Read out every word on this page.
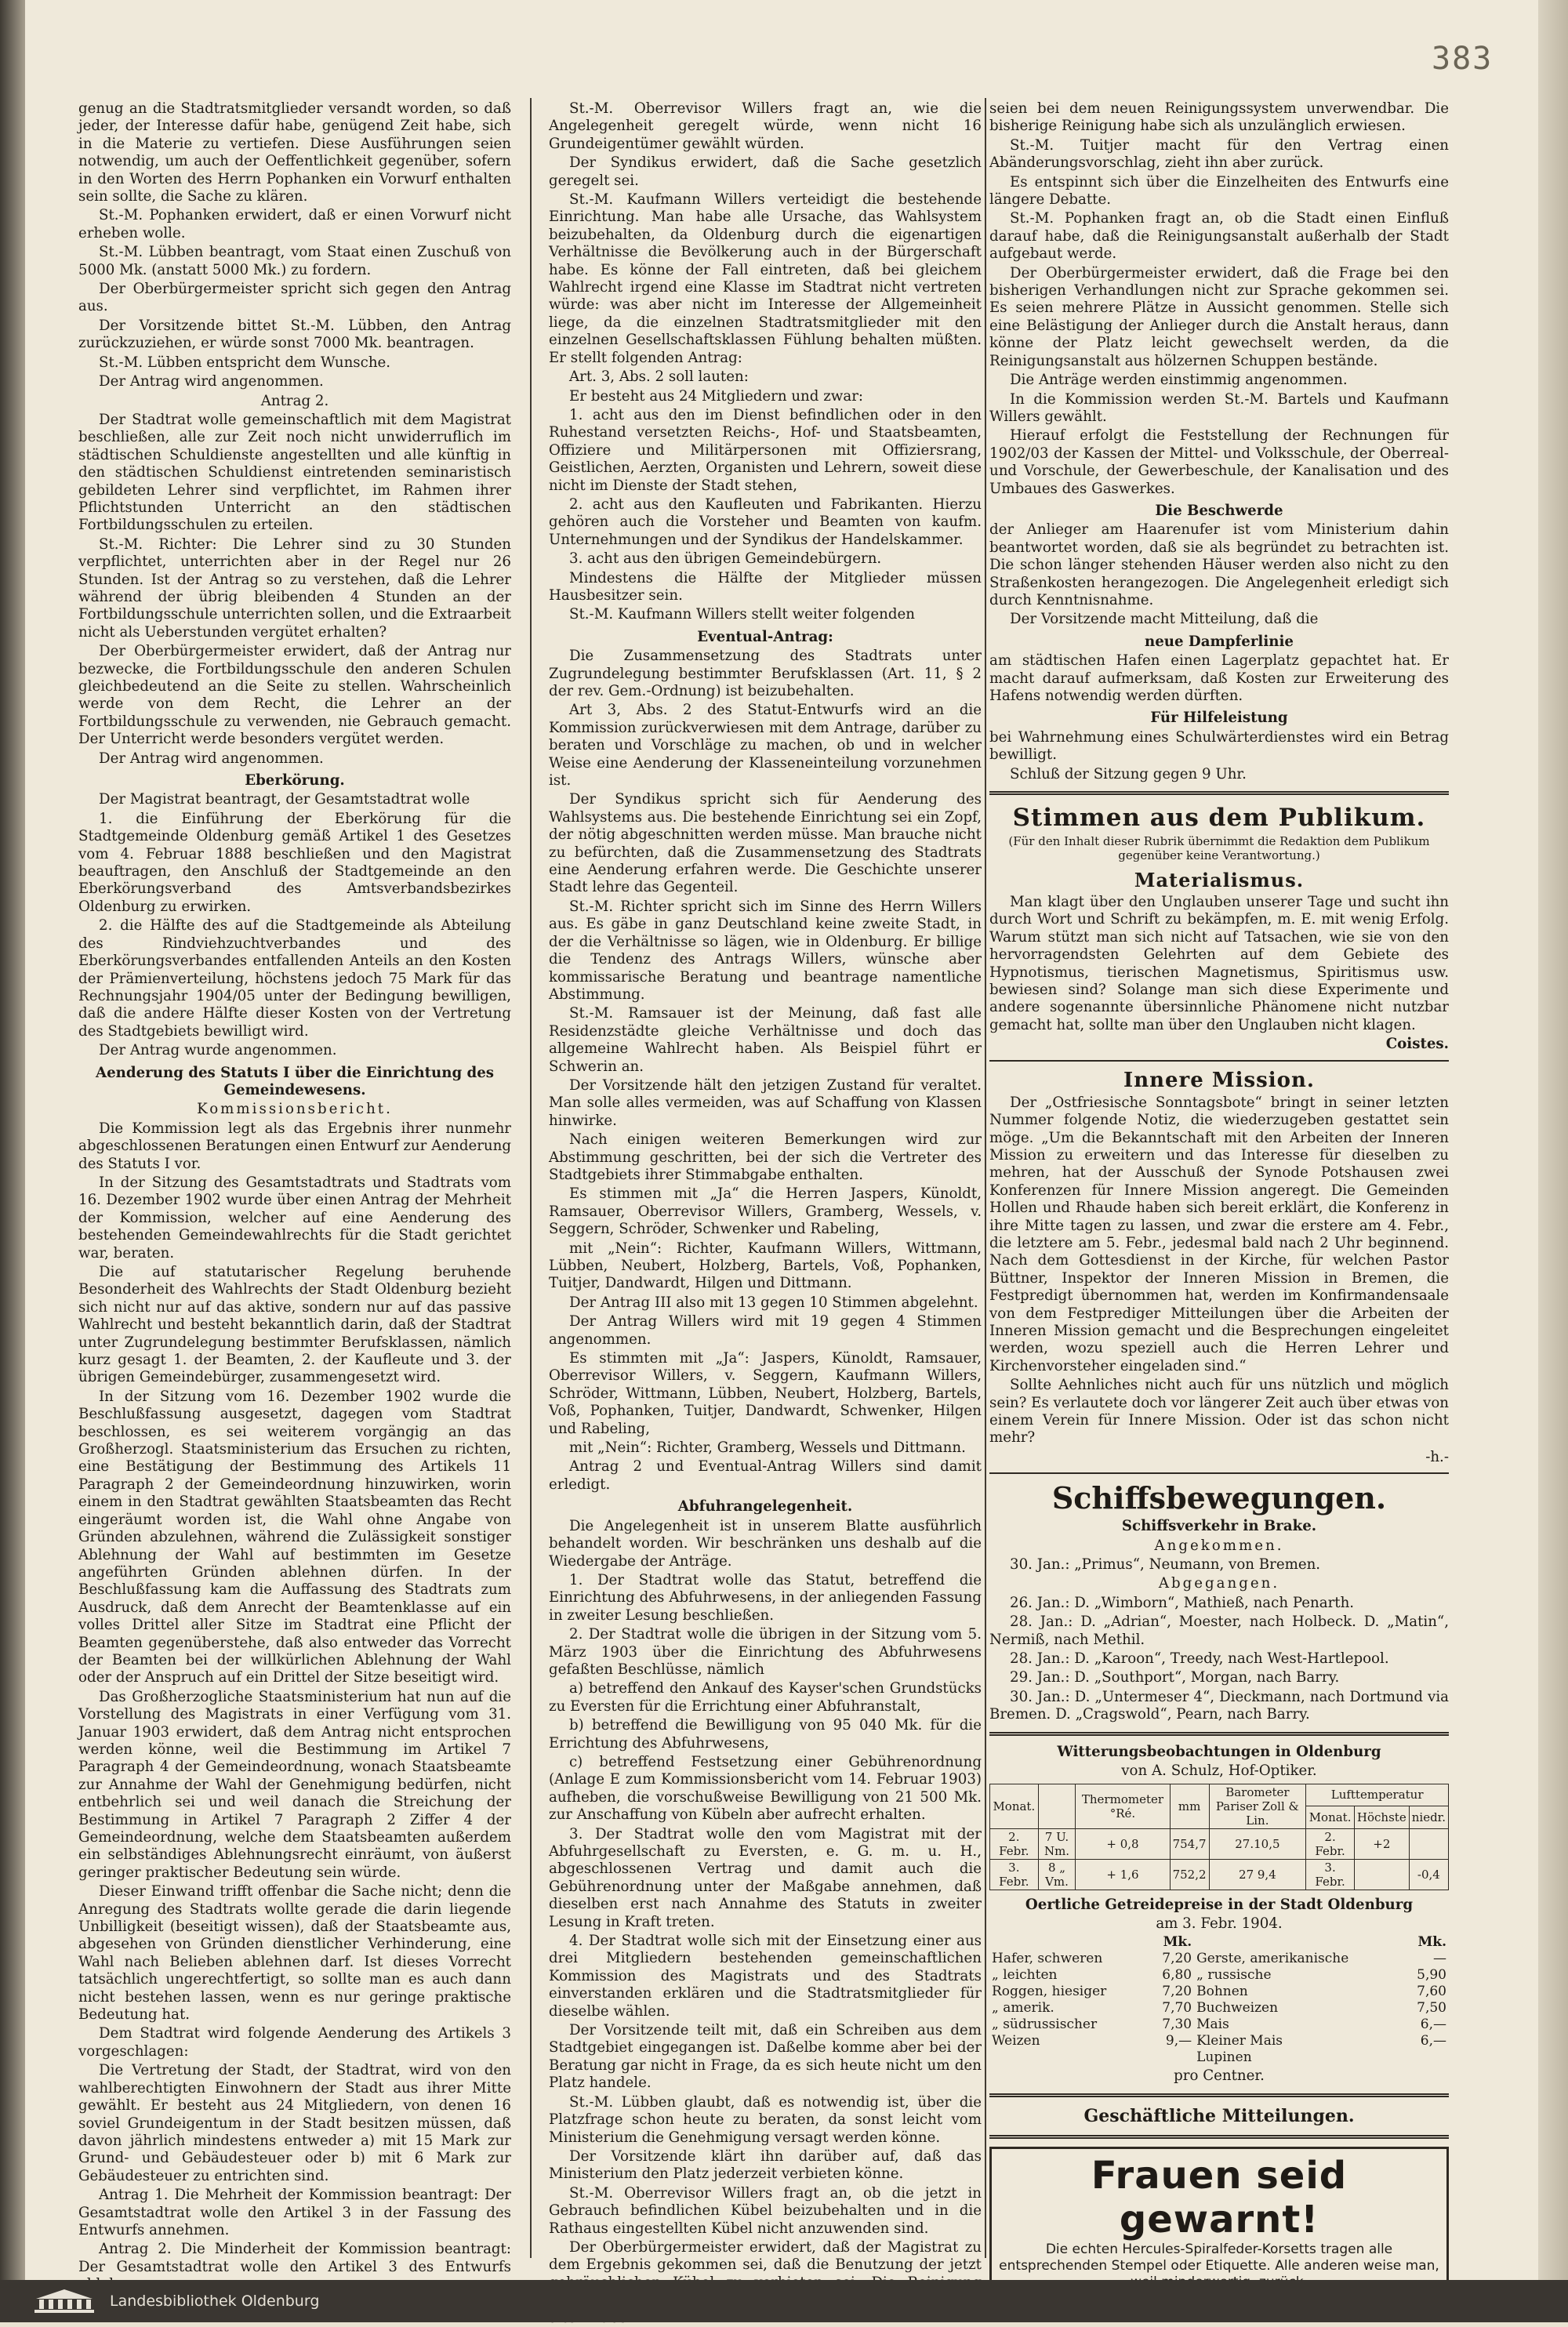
383

genug an die Stadtratsmitglieder versandt worden, so daß jeder, der Interesse dafür habe, genügend Zeit habe, sich in die Materie zu vertiefen. Diese Ausführungen seien notwendig, um auch der Oeffentlichkeit gegenüber, sofern in den Worten des Herrn Pophanken ein Vorwurf enthalten sein sollte, die Sache zu klären.

St.-M. Pophanken erwidert, daß er einen Vorwurf nicht erheben wolle.

St.-M. Lübben beantragt, vom Staat einen Zuschuß von 5000 Mk. (anstatt 5000 Mk.) zu fordern.

Der Oberbürgermeister spricht sich gegen den Antrag aus.

Der Vorsitzende bittet St.-M. Lübben, den Antrag zurückzuziehen, er würde sonst 7000 Mk. beantragen.

St.-M. Lübben entspricht dem Wunsche.

Der Antrag wird angenommen.

Antrag 2.

Der Stadtrat wolle gemeinschaftlich mit dem Magistrat beschließen, alle zur Zeit noch nicht unwiderruflich im städtischen Schuldienste angestellten und alle künftig in den städtischen Schuldienst eintretenden seminaristisch gebildeten Lehrer sind verpflichtet, im Rahmen ihrer Pflichtstunden Unterricht an den städtischen Fortbildungsschulen zu erteilen.

St.-M. Richter: Die Lehrer sind zu 30 Stunden verpflichtet, unterrichten aber in der Regel nur 26 Stunden. Ist der Antrag so zu verstehen, daß die Lehrer während der übrig bleibenden 4 Stunden an der Fortbildungsschule unterrichten sollen, und die Extraarbeit nicht als Ueberstunden vergütet erhalten?

Der Oberbürgermeister erwidert, daß der Antrag nur bezwecke, die Fortbildungsschule den anderen Schulen gleichbedeutend an die Seite zu stellen. Wahrscheinlich werde von dem Recht, die Lehrer an der Fortbildungsschule zu verwenden, nie Gebrauch gemacht. Der Unterricht werde besonders vergütet werden.

Der Antrag wird angenommen.

Eberkörung.

Der Magistrat beantragt, der Gesamtstadtrat wolle

1. die Einführung der Eberkörung für die Stadtgemeinde Oldenburg gemäß Artikel 1 des Gesetzes vom 4. Februar 1888 beschließen und den Magistrat beauftragen, den Anschluß der Stadtgemeinde an den Eberkörungsverband des Amtsverbandsbezirkes Oldenburg zu erwirken.

2. die Hälfte des auf die Stadtgemeinde als Abteilung des Rindviehzuchtverbandes und des Eberkörungsverbandes entfallenden Anteils an den Kosten der Prämienverteilung, höchstens jedoch 75 Mark für das Rechnungsjahr 1904/05 unter der Bedingung bewilligen, daß die andere Hälfte dieser Kosten von der Vertretung des Stadtgebiets bewilligt wird.

Der Antrag wurde angenommen.

Aenderung des Statuts I über die Einrichtung des Gemeindewesens.
Kommissionsbericht.

Die Kommission legt als das Ergebnis ihrer nunmehr abgeschlossenen Beratungen einen Entwurf zur Aenderung des Statuts I vor.

In der Sitzung des Gesamtstadtrats und Stadtrats vom 16. Dezember 1902 wurde über einen Antrag der Mehrheit der Kommission, welcher auf eine Aenderung des bestehenden Gemeindewahlrechts für die Stadt gerichtet war, beraten.

Die auf statutarischer Regelung beruhende Besonderheit des Wahlrechts der Stadt Oldenburg bezieht sich nicht nur auf das aktive, sondern nur auf das passive Wahlrecht und besteht bekanntlich darin, daß der Stadtrat unter Zugrundelegung bestimmter Berufsklassen, nämlich kurz gesagt 1. der Beamten, 2. der Kaufleute und 3. der übrigen Gemeindebürger, zusammengesetzt wird.

In der Sitzung vom 16. Dezember 1902 wurde die Beschlußfassung ausgesetzt, dagegen vom Stadtrat beschlossen, es sei weiterem vorgängig an das Großherzogl. Staatsministerium das Ersuchen zu richten, eine Bestätigung der Bestimmung des Artikels 11 Paragraph 2 der Gemeindeordnung hinzuwirken, worin einem in den Stadtrat gewählten Staatsbeamten das Recht eingeräumt worden ist, die Wahl ohne Angabe von Gründen abzulehnen, während die Zulässigkeit sonstiger Ablehnung der Wahl auf bestimmten im Gesetze angeführten Gründen ablehnen dürfen. In der Beschlußfassung kam die Auffassung des Stadtrats zum Ausdruck, daß dem Anrecht der Beamtenklasse auf ein volles Drittel aller Sitze im Stadtrat eine Pflicht der Beamten gegenüberstehe, daß also entweder das Vorrecht der Beamten bei der willkürlichen Ablehnung der Wahl oder der Anspruch auf ein Drittel der Sitze beseitigt wird.

Das Großherzogliche Staatsministerium hat nun auf die Vorstellung des Magistrats in einer Verfügung vom 31. Januar 1903 erwidert, daß dem Antrag nicht entsprochen werden könne, weil die Bestimmung im Artikel 7 Paragraph 4 der Gemeindeordnung, wonach Staatsbeamte zur Annahme der Wahl der Genehmigung bedürfen, nicht entbehrlich sei und weil danach die Streichung der Bestimmung in Artikel 7 Paragraph 2 Ziffer 4 der Gemeindeordnung, welche dem Staatsbeamten außerdem ein selbständiges Ablehnungsrecht einräumt, von äußerst geringer praktischer Bedeutung sein würde.

Dieser Einwand trifft offenbar die Sache nicht; denn die Anregung des Stadtrats wollte gerade die darin liegende Unbilligkeit (beseitigt wissen), daß der Staatsbeamte aus, abgesehen von Gründen dienstlicher Verhinderung, eine Wahl nach Belieben ablehnen darf. Ist dieses Vorrecht tatsächlich ungerechtfertigt, so sollte man es auch dann nicht bestehen lassen, wenn es nur geringe praktische Bedeutung hat.

Dem Stadtrat wird folgende Aenderung des Artikels 3 vorgeschlagen:

Die Vertretung der Stadt, der Stadtrat, wird von den wahlberechtigten Einwohnern der Stadt aus ihrer Mitte gewählt. Er besteht aus 24 Mitgliedern, von denen 16 soviel Grundeigentum in der Stadt besitzen müssen, daß davon jährlich mindestens entweder a) mit 15 Mark zur Grund- und Gebäudesteuer oder b) mit 6 Mark zur Gebäudesteuer zu entrichten sind.

Antrag 1. Die Mehrheit der Kommission beantragt: Der Gesamtstadtrat wolle den Artikel 3 in der Fassung des Entwurfs annehmen.

Antrag 2. Die Minderheit der Kommission beantragt: Der Gesamtstadtrat wolle den Artikel 3 des Entwurfs

St.-M. Oberrevisor Willers fragt an, wie die Angelegenheit geregelt würde, wenn nicht 16 Grundeigentümer gewählt würden.

Der Syndikus erwidert, daß die Sache gesetzlich geregelt sei.

St.-M. Kaufmann Willers verteidigt die bestehende Einrichtung. Man habe alle Ursache, das Wahlsystem beizubehalten, da Oldenburg durch die eigenartigen Verhältnisse die Bevölkerung auch in der Bürgerschaft habe. Es könne der Fall eintreten, daß bei gleichem Wahlrecht irgend eine Klasse im Stadtrat nicht vertreten würde: was aber nicht im Interesse der Allgemeinheit liege, da die einzelnen Stadtratsmitglieder mit den einzelnen Gesellschaftsklassen Fühlung behalten müßten. Er stellt folgenden Antrag:

Art. 3, Abs. 2 soll lauten:

Er besteht aus 24 Mitgliedern und zwar:

1. acht aus den im Dienst befindlichen oder in den Ruhestand versetzten Reichs-, Hof- und Staatsbeamten, Offiziere und Militärpersonen mit Offiziersrang, Geistlichen, Aerzten, Organisten und Lehrern, soweit diese nicht im Dienste der Stadt stehen,

2. acht aus den Kaufleuten und Fabrikanten. Hierzu gehören auch die Vorsteher und Beamten von kaufm. Unternehmungen und der Syndikus der Handelskammer.

3. acht aus den übrigen Gemeindebürgern.

Mindestens die Hälfte der Mitglieder müssen Hausbesitzer sein.

St.-M. Kaufmann Willers stellt weiter folgenden

Eventual-Antrag:

Die Zusammensetzung des Stadtrats unter Zugrundelegung bestimmter Berufsklassen (Art. 11, § 2 der rev. Gem.-Ordnung) ist beizubehalten.

Art 3, Abs. 2 des Statut-Entwurfs wird an die Kommission zurückverwiesen mit dem Antrage, darüber zu beraten und Vorschläge zu machen, ob und in welcher Weise eine Aenderung der Klasseneinteilung vorzunehmen ist.

Der Syndikus spricht sich für Aenderung des Wahlsystems aus. Die bestehende Einrichtung sei ein Zopf, der nötig abgeschnitten werden müsse. Man brauche nicht zu befürchten, daß die Zusammensetzung des Stadtrats eine Aenderung erfahren werde. Die Geschichte unserer Stadt lehre das Gegenteil.

St.-M. Richter spricht sich im Sinne des Herrn Willers aus. Es gäbe in ganz Deutschland keine zweite Stadt, in der die Verhältnisse so lägen, wie in Oldenburg. Er billige die Tendenz des Antrags Willers, wünsche aber kommissarische Beratung und beantrage namentliche Abstimmung.

St.-M. Ramsauer ist der Meinung, daß fast alle Residenzstädte gleiche Verhältnisse und doch das allgemeine Wahlrecht haben. Als Beispiel führt er Schwerin an.

Der Vorsitzende hält den jetzigen Zustand für veraltet. Man solle alles vermeiden, was auf Schaffung von Klassen hinwirke.

Nach einigen weiteren Bemerkungen wird zur Abstimmung geschritten, bei der sich die Vertreter des Stadtgebiets ihrer Stimmabgabe enthalten.

Es stimmen mit „Ja“ die Herren Jaspers, Künoldt, Ramsauer, Oberrevisor Willers, Gramberg, Wessels, v. Seggern, Schröder, Schwenker und Rabeling,

mit „Nein“: Richter, Kaufmann Willers, Wittmann, Lübben, Neubert, Holzberg, Bartels, Voß, Pophanken, Tuitjer, Dandwardt, Hilgen und Dittmann.

Der Antrag III also mit 13 gegen 10 Stimmen abgelehnt.

Der Antrag Willers wird mit 19 gegen 4 Stimmen angenommen.

Es stimmten mit „Ja“: Jaspers, Künoldt, Ramsauer, Oberrevisor Willers, v. Seggern, Kaufmann Willers, Schröder, Wittmann, Lübben, Neubert, Holzberg, Bartels, Voß, Pophanken, Tuitjer, Dandwardt, Schwenker, Hilgen und Rabeling,

mit „Nein“: Richter, Gramberg, Wessels und Dittmann.

Antrag 2 und Eventual-Antrag Willers sind damit erledigt.

Abfuhrangelegenheit.

Die Angelegenheit ist in unserem Blatte ausführlich behandelt worden. Wir beschränken uns deshalb auf die Wiedergabe der Anträge.

1. Der Stadtrat wolle das Statut, betreffend die Einrichtung des Abfuhrwesens, in der anliegenden Fassung in zweiter Lesung beschließen.

2. Der Stadtrat wolle die übrigen in der Sitzung vom 5. März 1903 über die Einrichtung des Abfuhrwesens gefaßten Beschlüsse, nämlich

a) betreffend den Ankauf des Kayser'schen Grundstücks zu Eversten für die Errichtung einer Abfuhranstalt,

b) betreffend die Bewilligung von 95 040 Mk. für die Errichtung des Abfuhrwesens,

c) betreffend Festsetzung einer Gebührenordnung (Anlage E zum Kommissionsbericht vom 14. Februar 1903) aufheben, die vorschußweise Bewilligung von 21 500 Mk. zur Anschaffung von Kübeln aber aufrecht erhalten.

3. Der Stadtrat wolle den vom Magistrat mit der Abfuhrgesellschaft zu Eversten, e. G. m. u. H., abgeschlossenen Vertrag und damit auch die Gebührenordnung unter der Maßgabe annehmen, daß dieselben erst nach Annahme des Statuts in zweiter Lesung in Kraft treten.

4. Der Stadtrat wolle sich mit der Einsetzung einer aus drei Mitgliedern bestehenden gemeinschaftlichen Kommission des Magistrats und des Stadtrats einverstanden erklären und die Stadtratsmitglieder für dieselbe wählen.

Der Vorsitzende teilt mit, daß ein Schreiben aus dem Stadtgebiet eingegangen ist. Daßelbe komme aber bei der Beratung gar nicht in Frage, da es sich heute nicht um den Platz handele.

St.-M. Lübben glaubt, daß es notwendig ist, über die Platzfrage schon heute zu beraten, da sonst leicht vom Ministerium die Genehmigung versagt werden könne.

Der Vorsitzende klärt ihn darüber auf, daß das Ministerium den Platz jederzeit verbieten könne.

St.-M. Oberrevisor Willers fragt an, ob die jetzt in Gebrauch befindlichen Kübel beizubehalten und in die Rathaus eingestellten Kübel nicht anzuwenden sind.

Der Oberbürgermeister erwidert, daß der Magistrat zu dem Ergebnis gekommen sei, daß die Benutzung der jetzt

seien bei dem neuen Reinigungssystem unverwendbar. Die bisherige Reinigung habe sich als unzulänglich erwiesen.

St.-M. Tuitjer macht für den Vertrag einen Abänderungsvorschlag, zieht ihn aber zurück.

Es entspinnt sich über die Einzelheiten des Entwurfs eine längere Debatte.

St.-M. Pophanken fragt an, ob die Stadt einen Einfluß darauf habe, daß die Reinigungsanstalt außerhalb der Stadt aufgebaut werde.

Der Oberbürgermeister erwidert, daß die Frage bei den bisherigen Verhandlungen nicht zur Sprache gekommen sei. Es seien mehrere Plätze in Aussicht genommen. Stelle sich eine Belästigung der Anlieger durch die Anstalt heraus, dann könne der Platz leicht gewechselt werden, da die Reinigungsanstalt aus hölzernen Schuppen bestände.

Die Anträge werden einstimmig angenommen.

In die Kommission werden St.-M. Bartels und Kaufmann Willers gewählt.

Hierauf erfolgt die Feststellung der Rechnungen für 1902/03 der Kassen der Mittel- und Volksschule, der Oberreal- und Vorschule, der Gewerbeschule, der Kanalisation und des Umbaues des Gaswerkes.

Die Beschwerde

der Anlieger am Haarenufer ist vom Ministerium dahin beantwortet worden, daß sie als begründet zu betrachten ist. Die schon länger stehenden Häuser werden also nicht zu den Straßenkosten herangezogen. Die Angelegenheit erledigt sich durch Kenntnisnahme.

Der Vorsitzende macht Mitteilung, daß die

neue Dampferlinie

am städtischen Hafen einen Lagerplatz gepachtet hat. Er macht darauf aufmerksam, daß Kosten zur Erweiterung des Hafens notwendig werden dürften.

Für Hilfeleistung

bei Wahrnehmung eines Schulwärterdienstes wird ein Betrag bewilligt.

Schluß der Sitzung gegen 9 Uhr.

Stimmen aus dem Publikum.
(Für den Inhalt dieser Rubrik übernimmt die Redaktion dem Publikum gegenüber keine Verantwortung.)
Materialismus.

Man klagt über den Unglauben unserer Tage und sucht ihn durch Wort und Schrift zu bekämpfen, m. E. mit wenig Erfolg. Warum stützt man sich nicht auf Tatsachen, wie sie von den hervorragendsten Gelehrten auf dem Gebiete des Hypnotismus, tierischen Magnetismus, Spiritismus usw. bewiesen sind? Solange man sich diese Experimente und andere sogenannte übersinnliche Phänomene nicht nutzbar gemacht hat, sollte man über den Unglauben nicht klagen.

Coistes.
Innere Mission.

Der „Ostfriesische Sonntagsbote“ bringt in seiner letzten Nummer folgende Notiz, die wiederzugeben gestattet sein möge. „Um die Bekanntschaft mit den Arbeiten der Inneren Mission zu erweitern und das Interesse für dieselben zu mehren, hat der Ausschuß der Synode Potshausen zwei Konferenzen für Innere Mission angeregt. Die Gemeinden Hollen und Rhaude haben sich bereit erklärt, die Konferenz in ihre Mitte tagen zu lassen, und zwar die erstere am 4. Febr., die letztere am 5. Febr., jedesmal bald nach 2 Uhr beginnend. Nach dem Gottesdienst in der Kirche, für welchen Pastor Büttner, Inspektor der Inneren Mission in Bremen, die Festpredigt übernommen hat, werden im Konfirmandensaale von dem Festprediger Mitteilungen über die Arbeiten der Inneren Mission gemacht und die Besprechungen eingeleitet werden, wozu speziell auch die Herren Lehrer und Kirchenvorsteher eingeladen sind.“

Sollte Aehnliches nicht auch für uns nützlich und möglich sein? Es verlautete doch vor längerer Zeit auch über etwas von einem Verein für Innere Mission. Oder ist das schon nicht mehr?

-h.-
Schiffsbewegungen.
Schiffsverkehr in Brake.
Angekommen.

30. Jan.: „Primus“, Neumann, von Bremen.

Abgegangen.

26. Jan.: D. „Wimborn“, Mathieß, nach Penarth.

28. Jan.: D. „Adrian“, Moester, nach Holbeck. D. „Matin“, Nermiß, nach Methil.

28. Jan.: D. „Karoon“, Treedy, nach West-Hartlepool.

29. Jan.: D. „Southport“, Morgan, nach Barry.

30. Jan.: D. „Untermeser 4“, Dieckmann, nach Dortmund via Bremen. D. „Cragswold“, Pearn, nach Barry.

Witterungsbeobachtungen in Oldenburg
von A. Schulz, Hof-Optiker.
Monat.		Thermometer °Ré.	mm	Barometer Pariser Zoll & Lin.	Lufttemperatur		
					Monat.	Höchste	niedr.
2. Febr.	7 U. Nm.	+ 0,8	754,7	27.10,5	2. Febr.	+2	
3. Febr.	8 „ Vm.	+ 1,6	752,2	27 9,4	3. Febr.		-0,4
Oertliche Getreidepreise in der Stadt Oldenburg
am 3. Febr. 1904.
	Mk.		Mk.
Hafer, schweren	7,20	Gerste, amerikanische	—
„ leichten	6,80	„ russische	5,90
Roggen, hiesiger	7,20	Bohnen	7,60
„ amerik.	7,70	Buchweizen	7,50
„ südrussischer	7,30	Mais	6,—
Weizen	9,—	Kleiner Mais	6,—
		Lupinen	
pro Centner.
Geschäftliche Mitteilungen.
Frauen seid gewarnt!
Die echten Hercules-Spiralfeder-Korsetts tragen alle entsprechenden Stempel oder Etiquette. Alle anderen weise man,
Landesbibliothek Oldenburg
